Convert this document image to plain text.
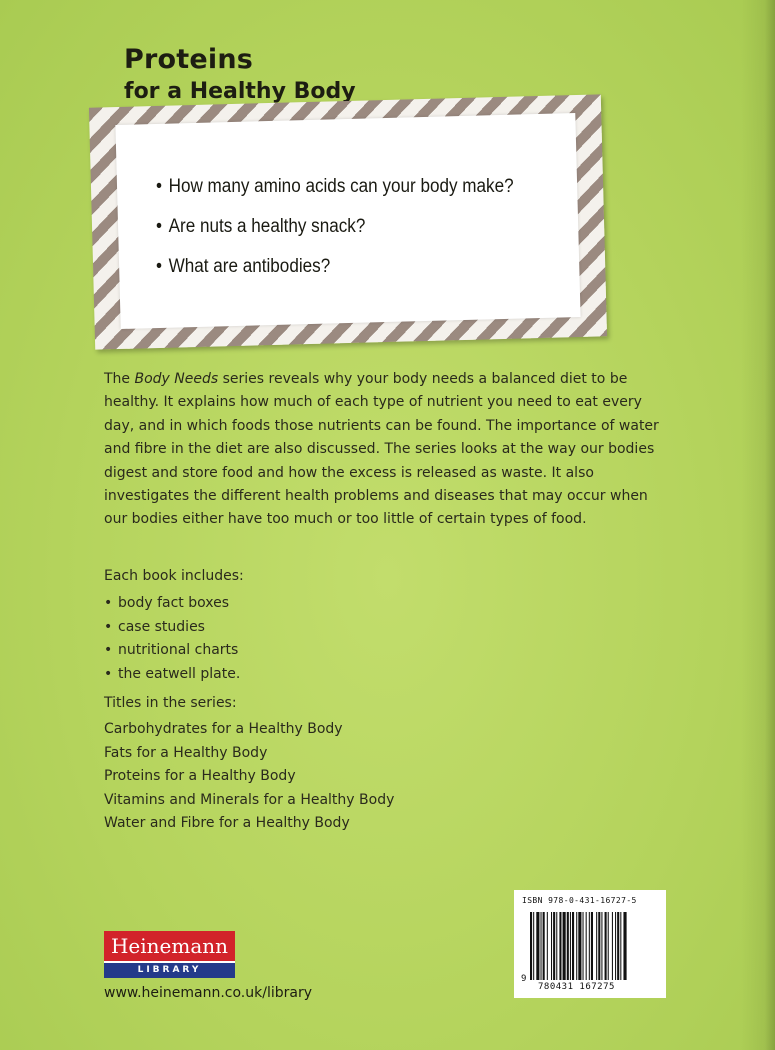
Proteins
for a Healthy Body
• How many amino acids can your body make?
• Are nuts a healthy snack?
• What are antibodies?

The Body Needs series reveals why your body needs a balanced diet to be healthy. It explains how much of each type of nutrient you need to eat every day, and in which foods those nutrients can be found. The importance of water and fibre in the diet are also discussed. The series looks at the way our bodies digest and store food and how the excess is released as waste. It also investigates the different health problems and diseases that may occur when our bodies either have too much or too little of certain types of food.

Each book includes:
• body fact boxes
• case studies
• nutritional charts
• the eatwell plate.
Titles in the series:
Carbohydrates for a Healthy Body
Fats for a Healthy Body
Proteins for a Healthy Body
Vitamins and Minerals for a Healthy Body
Water and Fibre for a Healthy Body
Heinemann
LIBRARY
www.heinemann.co.uk/library
ISBN 978-0-431-16727-5
9
780431 167275
